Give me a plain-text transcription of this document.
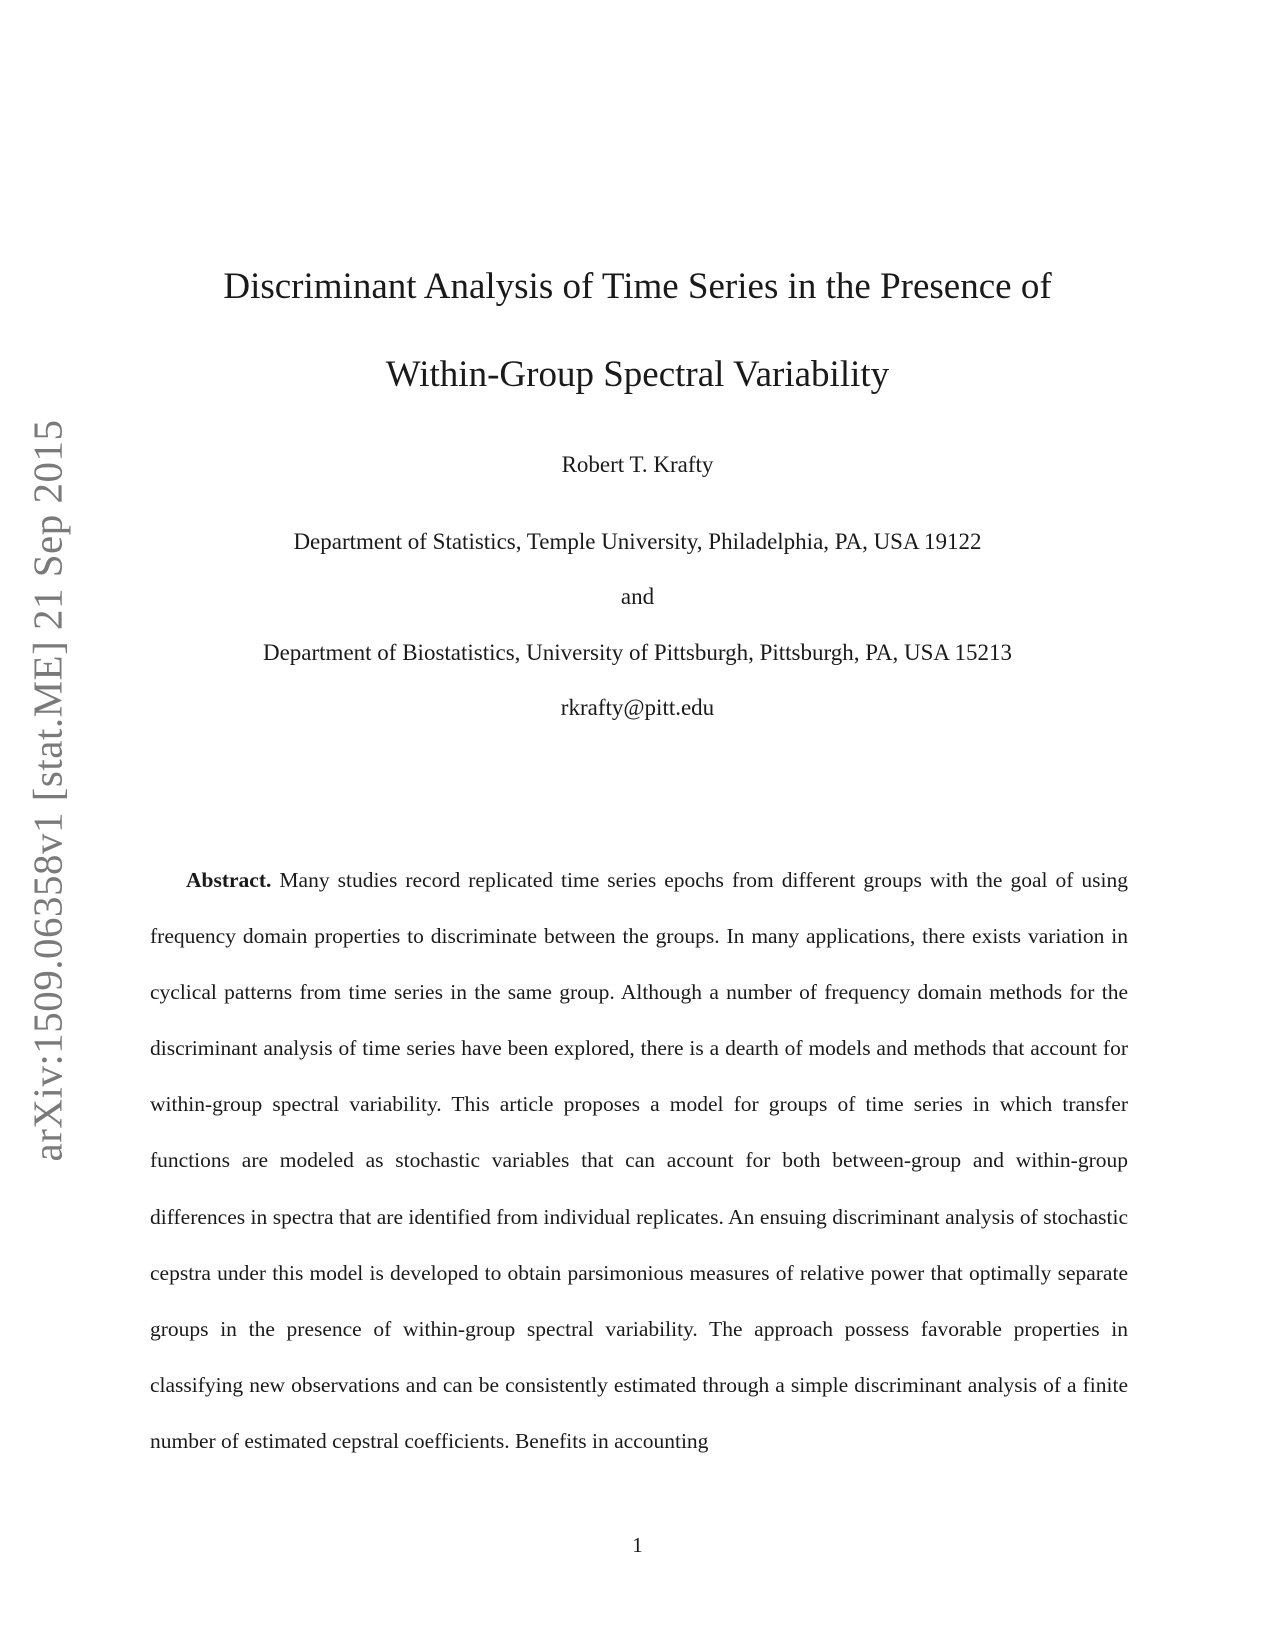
arXiv:1509.06358v1 [stat.ME] 21 Sep 2015
Discriminant Analysis of Time Series in the Presence of
Within-Group Spectral Variability
Robert T. Krafty
Department of Statistics, Temple University, Philadelphia, PA, USA 19122
and
Department of Biostatistics, University of Pittsburgh, Pittsburgh, PA, USA 15213
rkrafty@pitt.edu
Abstract. Many studies record replicated time series epochs from different groups with the goal of using frequency domain properties to discriminate between the groups. In many applications, there exists variation in cyclical patterns from time series in the same group. Although a number of frequency domain methods for the discriminant analysis of time series have been explored, there is a dearth of models and methods that account for within-group spectral variability. This article proposes a model for groups of time series in which transfer functions are modeled as stochastic variables that can account for both between-group and within-group differences in spectra that are identified from individual replicates. An ensuing discriminant analysis of stochastic cepstra under this model is developed to obtain parsimonious measures of relative power that optimally separate groups in the presence of within-group spectral variability. The approach possess favorable properties in classifying new observations and can be consistently estimated through a simple discriminant analysis of a finite number of estimated cepstral coefficients. Benefits in accounting
1
